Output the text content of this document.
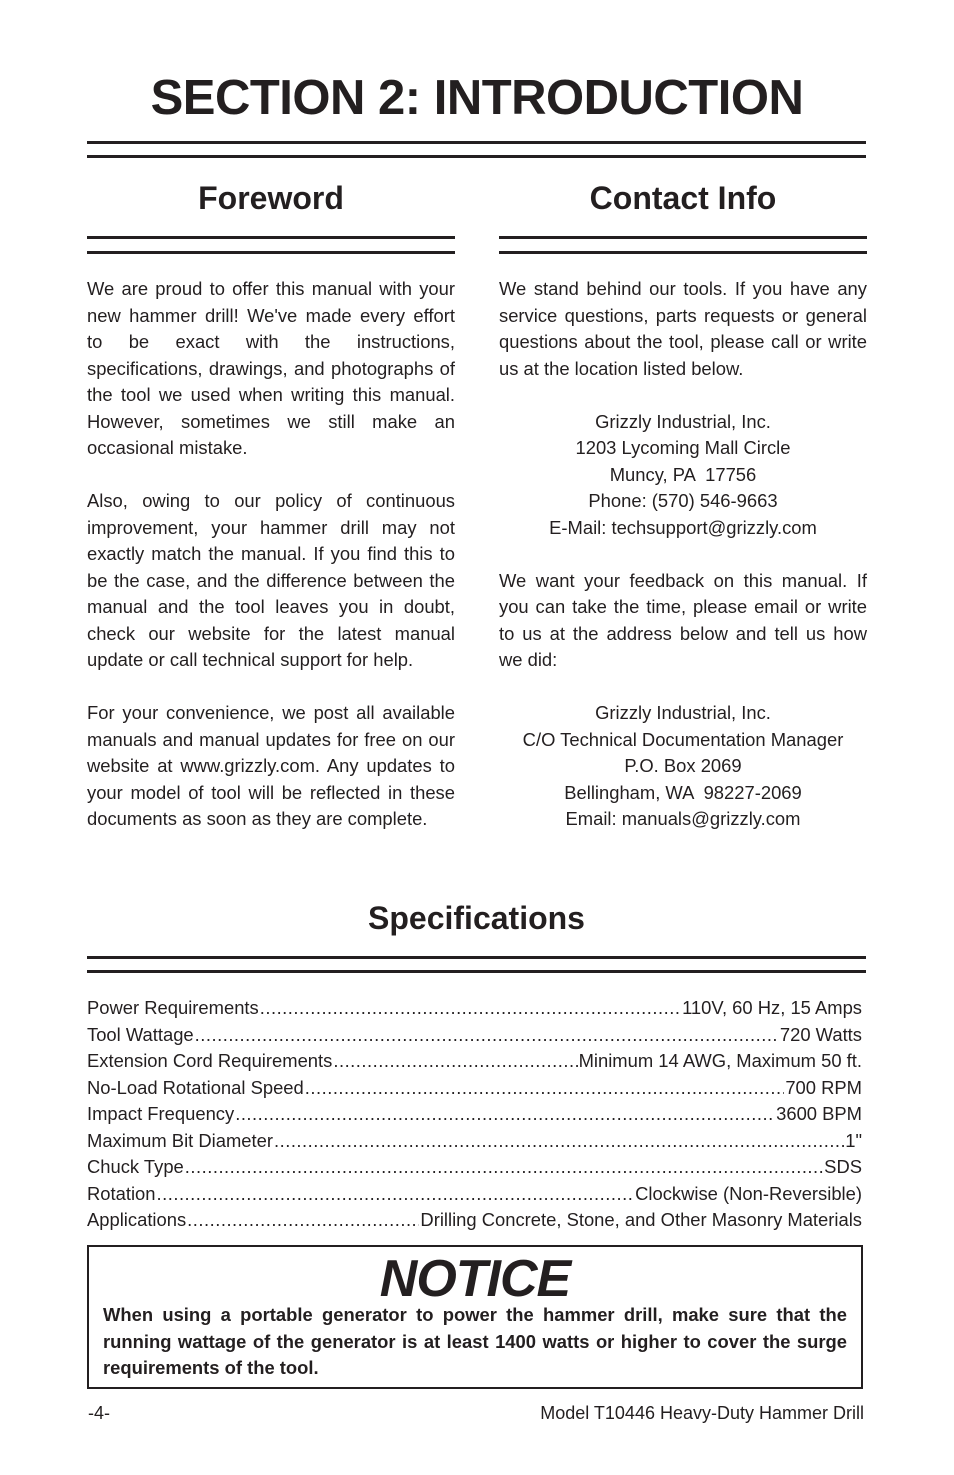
SECTION 2: INTRODUCTION
Foreword

We are proud to offer this manual with your new hammer drill! We've made every effort to be exact with the instructions, specifications, drawings, and photographs of the tool we used when writing this manual. However, sometimes we still make an occasional mistake.

Also, owing to our policy of continuous improvement, your hammer drill may not exactly match the manual. If you find this to be the case, and the difference between the manual and the tool leaves you in doubt, check our website for the latest manual update or call technical support for help.

For your convenience, we post all available manuals and manual updates for free on our website at www.grizzly.com. Any updates to your model of tool will be reflected in these documents as soon as they are complete.

Contact Info

We stand behind our tools. If you have any service questions, parts requests or general questions about the tool, please call or write us at the location listed below.

Grizzly Industrial, Inc.
1203 Lycoming Mall Circle
Muncy, PA  17756
Phone: (570) 546-9663
E-Mail: techsupport@grizzly.com

We want your feedback on this manual. If you can take the time, please email or write to us at the address below and tell us how we did:

Grizzly Industrial, Inc.
C/O Technical Documentation Manager
P.O. Box 2069
Bellingham, WA  98227-2069
Email: manuals@grizzly.com
Specifications
Power Requirements .....	110V, 60 Hz, 15 Amps
Tool Wattage .....	720 Watts
Extension Cord Requirements .....	Minimum 14 AWG, Maximum 50 ft.
No-Load Rotational Speed .....	700 RPM
Impact Frequency .....	3600 BPM
Maximum Bit Diameter .....	1"
Chuck Type .....	SDS
Rotation .....	Clockwise (Non-Reversible)
Applications .....	Drilling Concrete, Stone, and Other Masonry Materials
NOTICE

When using a portable generator to power the hammer drill, make sure that the running wattage of the generator is at least 1400 watts or higher to cover the surge requirements of the tool.

-4-	Model T10446 Heavy-Duty Hammer Drill
